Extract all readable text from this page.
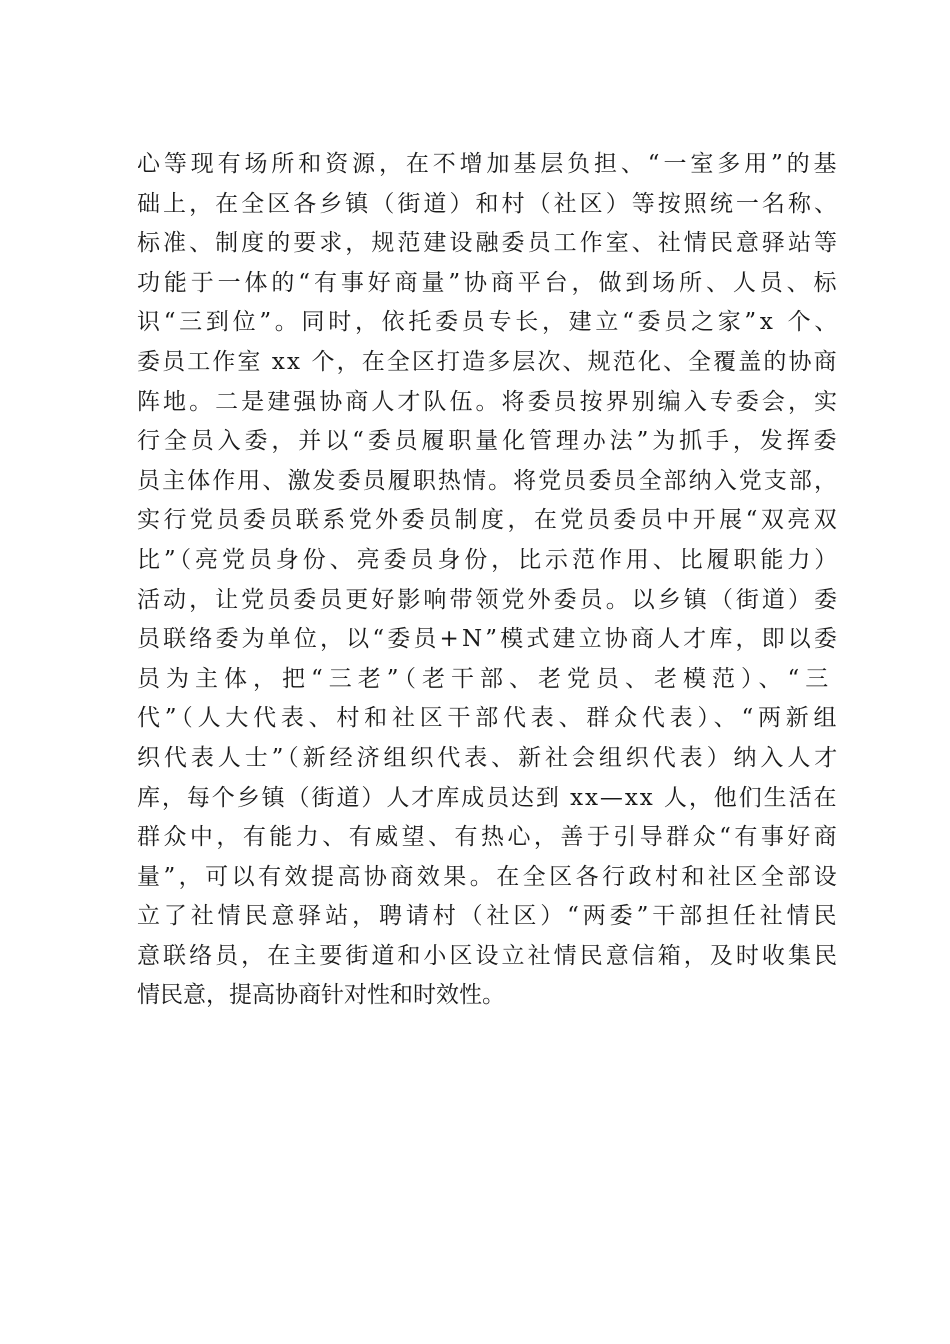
心等现有场所和资源，在不增加基层负担、“一室多用”的基
础上，在全区各乡镇（街道）和村（社区）等按照统一名称、
标准、制度的要求，规范建设融委员工作室、社情民意驿站等
功能于一体的“有事好商量”协商平台，做到场所、人员、标
识“三到位”。同时，依托委员专长，建立“委员之家”x 个、
委员工作室 xx 个，在全区打造多层次、规范化、全覆盖的协商
阵地。二是建强协商人才队伍。将委员按界别编入专委会，实
行全员入委，并以“委员履职量化管理办法”为抓手，发挥委
员主体作用、激发委员履职热情。将党员委员全部纳入党支部，
实行党员委员联系党外委员制度，在党员委员中开展“双亮双
比”（亮党员身份、亮委员身份，比示范作用、比履职能力）
活动，让党员委员更好影响带领党外委员。以乡镇（街道）委
员联络委为单位，以“委员+N”模式建立协商人才库，即以委
员为主体，把“三老”（老干部、老党员、老模范）、“三
代”（人大代表、村和社区干部代表、群众代表）、“两新组
织代表人士”（新经济组织代表、新社会组织代表）纳入人才
库，每个乡镇（街道）人才库成员达到 xx—xx 人，他们生活在
群众中，有能力、有威望、有热心，善于引导群众“有事好商
量”，可以有效提高协商效果。在全区各行政村和社区全部设
立了社情民意驿站，聘请村（社区）“两委”干部担任社情民
意联络员，在主要街道和小区设立社情民意信箱，及时收集民
情民意，提高协商针对性和时效性。
